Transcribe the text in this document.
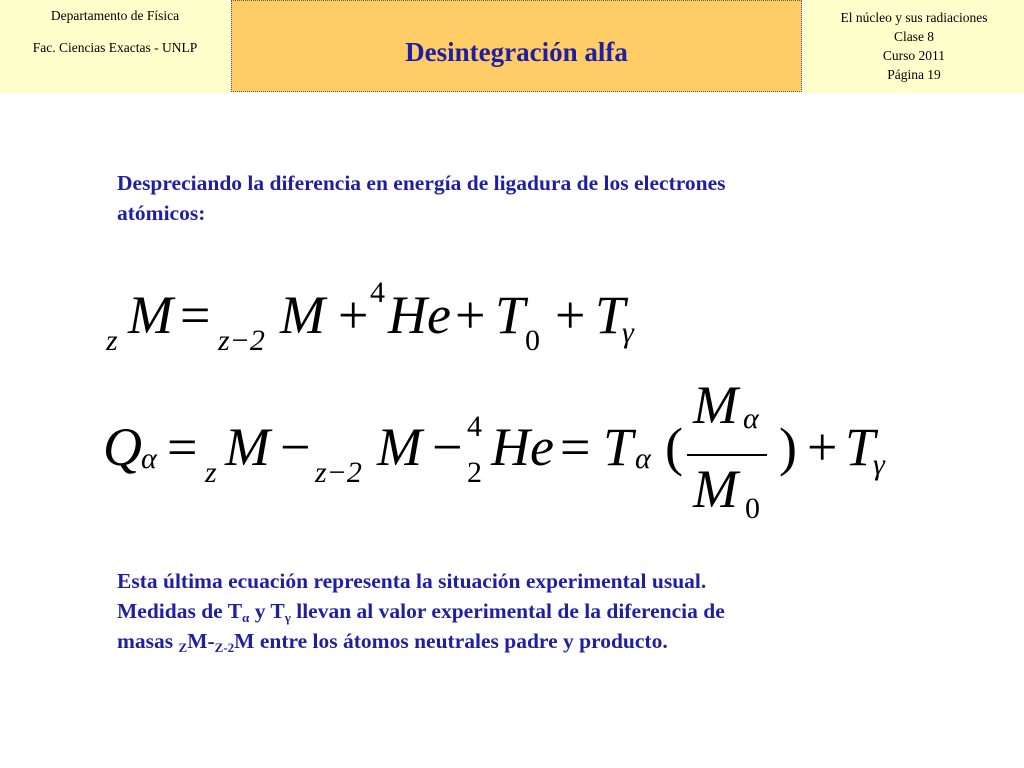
Departamento de Física
Fac. Ciencias Exactas - UNLP	Desintegración alfa
El núcleo y sus radiaciones
Clase 8
Curso 2011
Página 19
Despreciando la diferencia en energía de ligadura de los electrones
atómicos:
z M = z−2 M + 4 He + T 0 + T
γ
Q α = z M − z−2 M − 4
2 He = T α (
M α
M 0
) + T
γ
Esta última ecuación representa la situación experimental usual.
Medidas de $T_\alpha$ y $T_\gamma$ llevan al valor experimental de la diferencia de
masas $_ZM-_{Z-2}M$ entre los átomos neutrales padre y producto.
